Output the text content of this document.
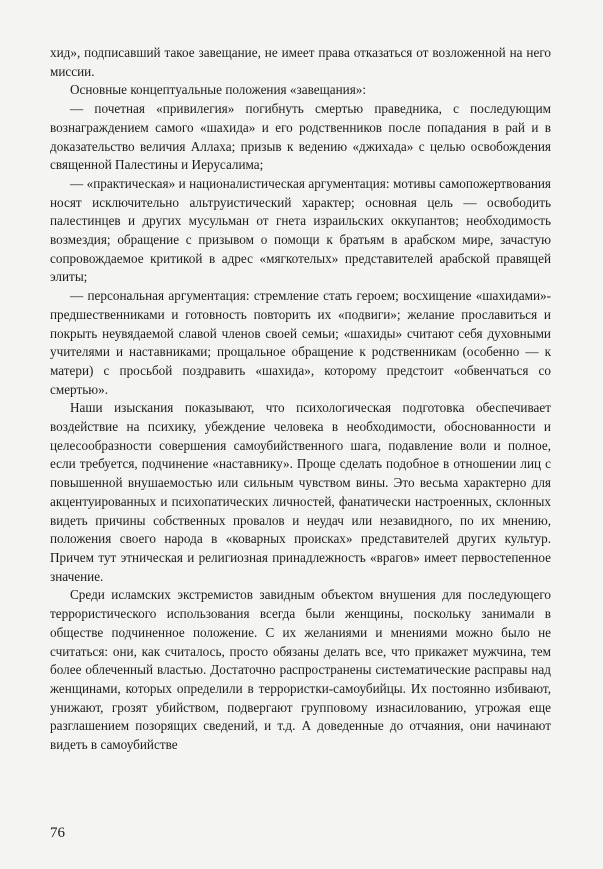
хид», подписавший такое завещание, не имеет права отказаться от возложенной на него миссии.

Основные концептуальные положения «завещания»:

— почетная «привилегия» погибнуть смертью праведника, с последующим вознаграждением самого «шахида» и его родственников после попадания в рай и в доказательство величия Аллаха; призыв к ведению «джихада» с целью освобождения священной Палестины и Иерусалима;

— «практическая» и националистическая аргументация: мотивы самопожертвования носят исключительно альтруистический характер; основная цель — освободить палестинцев и других мусульман от гнета израильских оккупантов; необходимость возмездия; обращение с призывом о помощи к братьям в арабском мире, зачастую сопровождаемое критикой в адрес «мягкотелых» представителей арабской правящей элиты;

— персональная аргументация: стремление стать героем; восхищение «шахидами»-предшественниками и готовность повторить их «подвиги»; желание прославиться и покрыть неувядаемой славой членов своей семьи; «шахиды» считают себя духовными учителями и наставниками; прощальное обращение к родственникам (особенно — к матери) с просьбой поздравить «шахида», которому предстоит «обвенчаться со смертью».

Наши изыскания показывают, что психологическая подготовка обеспечивает воздействие на психику, убеждение человека в необходимости, обоснованности и целесообразности совершения самоубийственного шага, подавление воли и полное, если требуется, подчинение «наставнику». Проще сделать подобное в отношении лиц с повышенной внушаемостью или сильным чувством вины. Это весьма характерно для акцентуированных и психопатических личностей, фанатически настроенных, склонных видеть причины собственных провалов и неудач или незавидного, по их мнению, положения своего народа в «коварных происках» представителей других культур. Причем тут этническая и религиозная принадлежность «врагов» имеет первостепенное значение.

Среди исламских экстремистов завидным объектом внушения для последующего террористического использования всегда были женщины, поскольку занимали в обществе подчиненное положение. С их желаниями и мнениями можно было не считаться: они, как считалось, просто обязаны делать все, что прикажет мужчина, тем более облеченный властью. Достаточно распространены систематические расправы над женщинами, которых определили в террористки-самоубийцы. Их постоянно избивают, унижают, грозят убийством, подвергают групповому изнасилованию, угрожая еще разглашением позорящих сведений, и т.д. А доведенные до отчаяния, они начинают видеть в самоубийстве

76
